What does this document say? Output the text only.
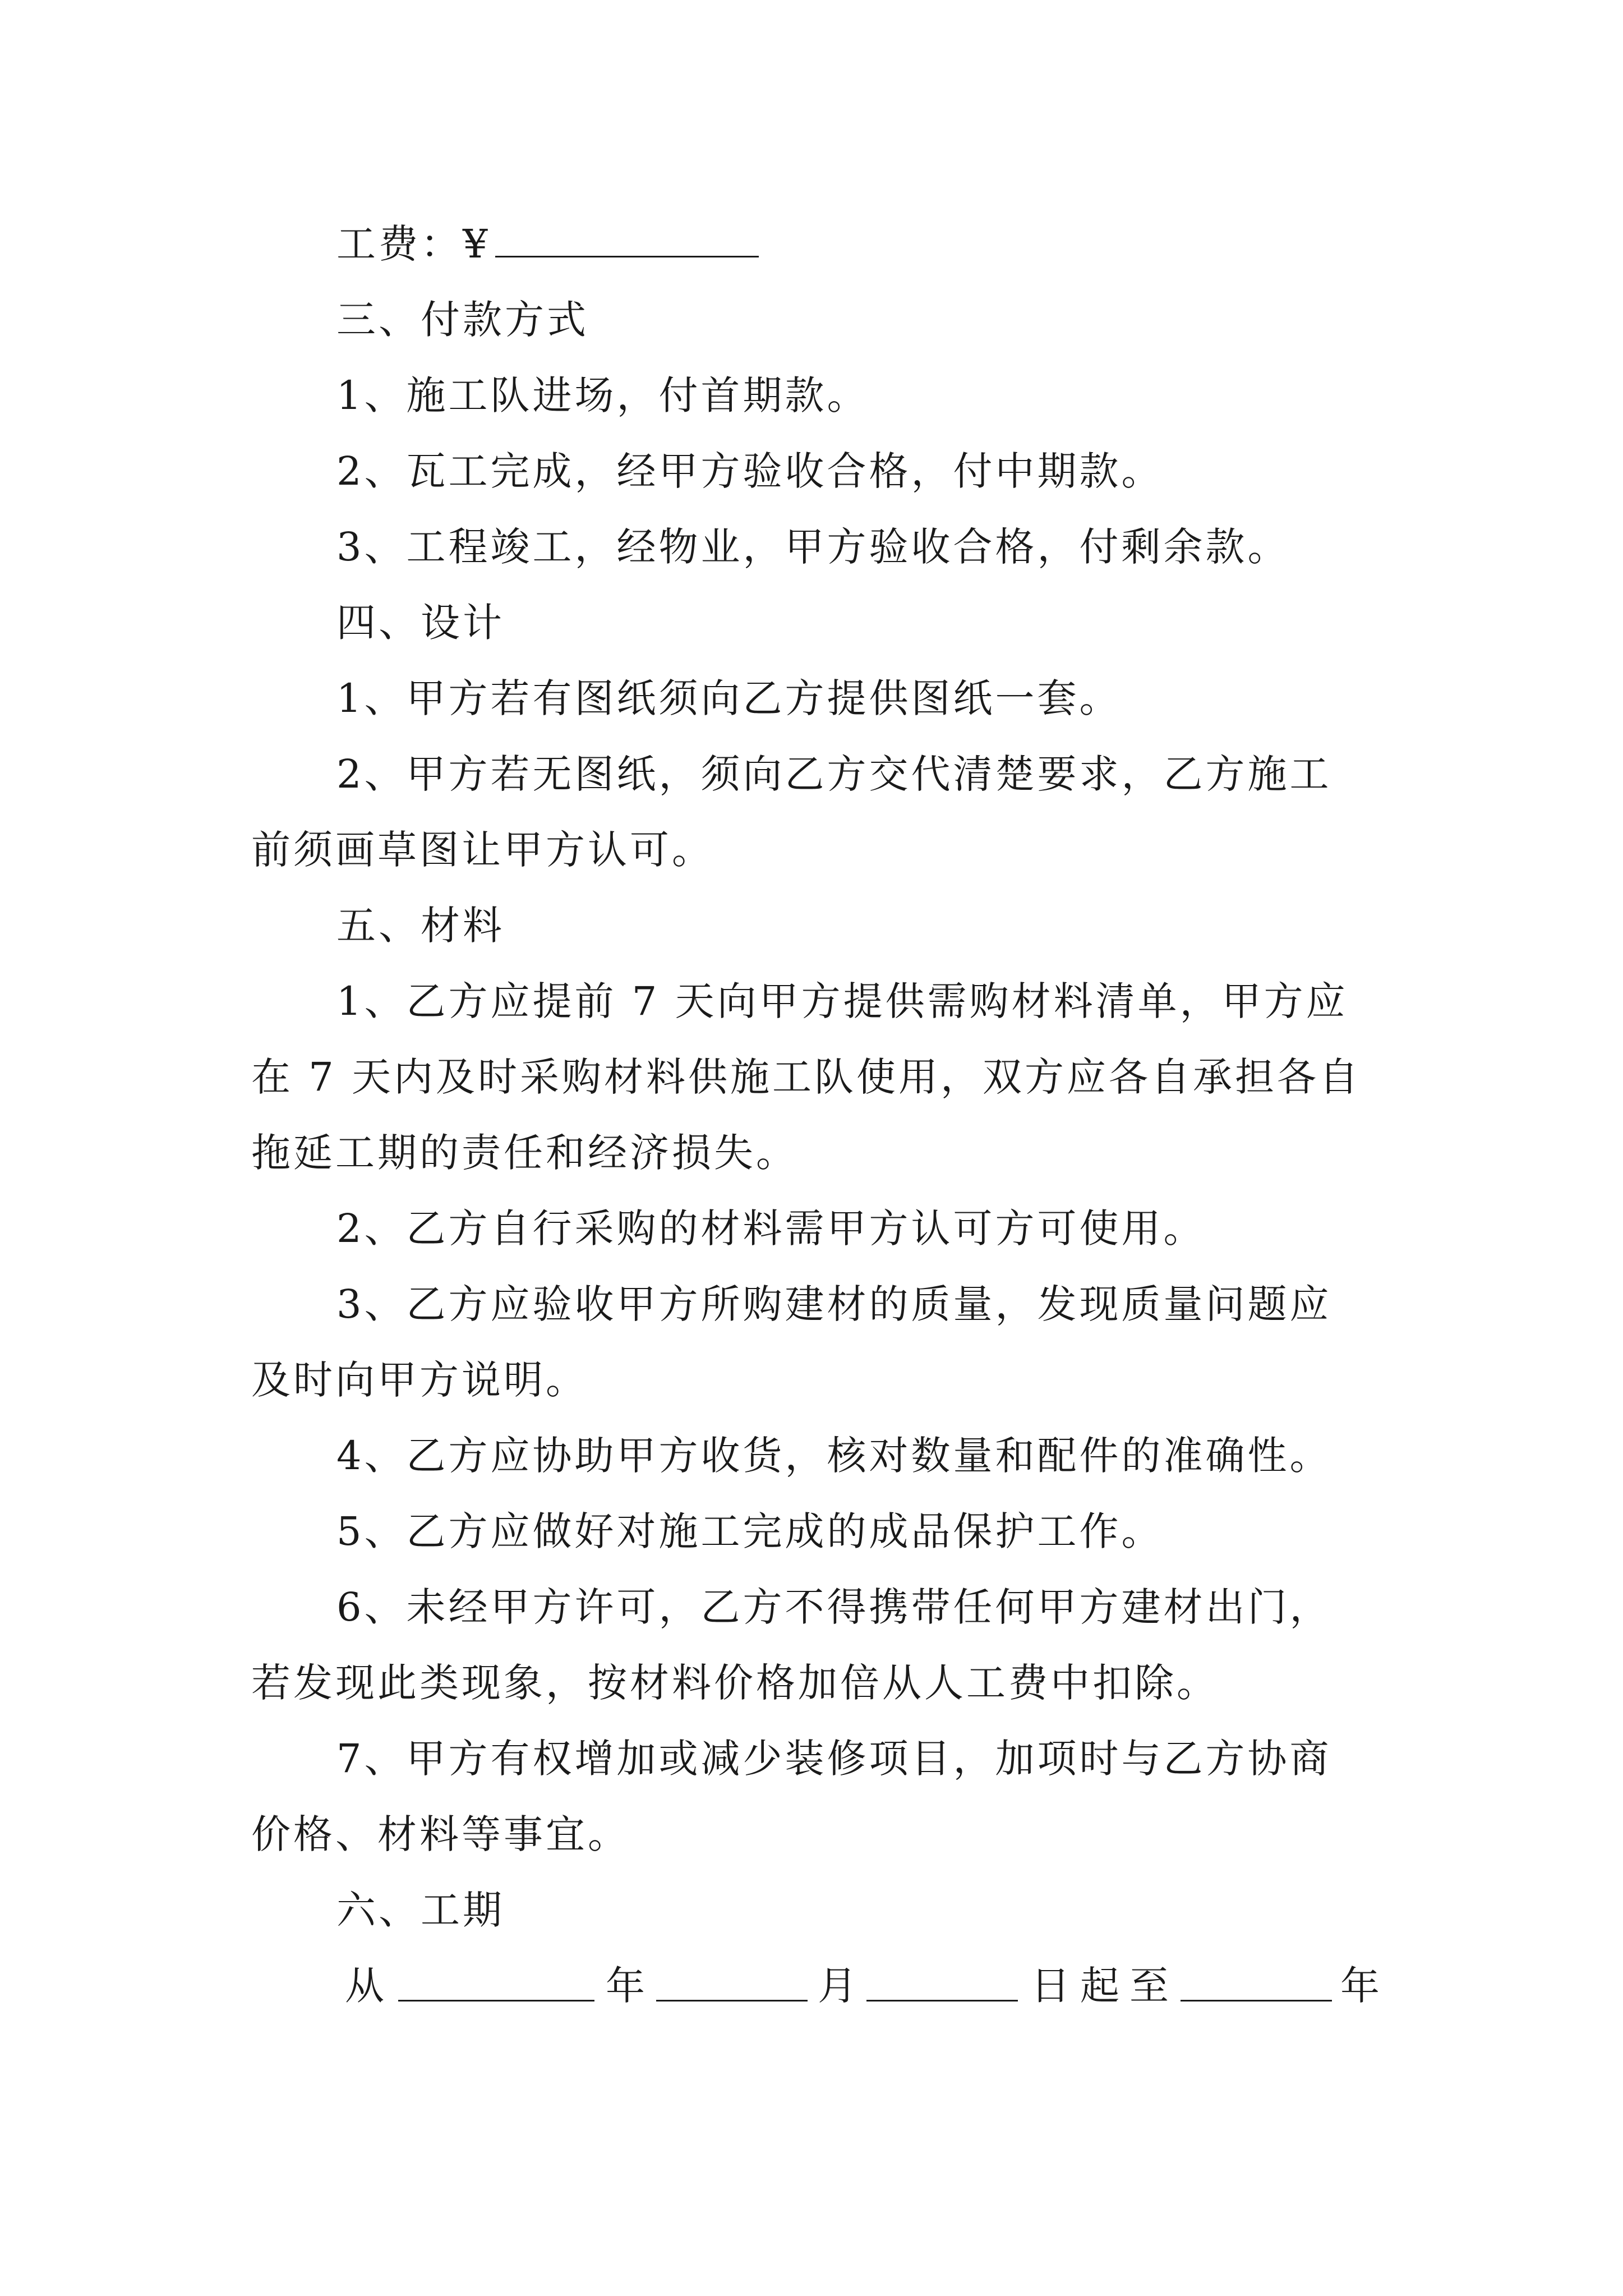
工费：¥
三、付款方式
1、施工队进场，付首期款。
2、瓦工完成，经甲方验收合格，付中期款。
3、工程竣工，经物业，甲方验收合格，付剩余款。
四、设计
1、甲方若有图纸须向乙方提供图纸一套。
2、甲方若无图纸，须向乙方交代清楚要求，乙方施工
前须画草图让甲方认可。
五、材料
1、乙方应提前 7 天向甲方提供需购材料清单，甲方应
在 7 天内及时采购材料供施工队使用，双方应各自承担各自
拖延工期的责任和经济损失。
2、乙方自行采购的材料需甲方认可方可使用。
3、乙方应验收甲方所购建材的质量，发现质量问题应
及时向甲方说明。
4、乙方应协助甲方收货，核对数量和配件的准确性。
5、乙方应做好对施工完成的成品保护工作。
6、未经甲方许可，乙方不得携带任何甲方建材出门，
若发现此类现象，按材料价格加倍从人工费中扣除。
7、甲方有权增加或减少装修项目，加项时与乙方协商
价格、材料等事宜。
六、工期
从	年	月	日起至	年
